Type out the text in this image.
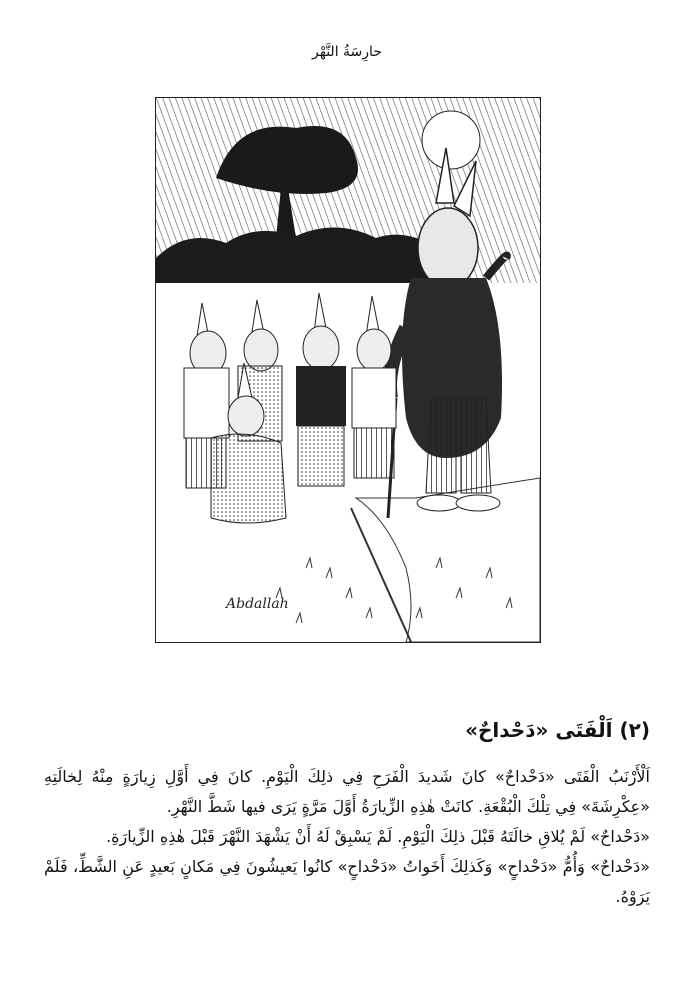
حارِسَةُ النَّهْر
Abdallah
(٢) اَلْفَتَى «دَحْداحٌ»

اَلْأَرْنَبُ الْفَتَى «دَحْداحٌ» كانَ شَديدَ الْفَرَحِ فِي ذلِكَ الْيَوْمِ. كانَ فِي أَوَّلِ زِيارَةٍ مِنْهُ لِخالَتِهِ «عِكْرِشَةَ» فِي تِلْكَ الْبُقْعَةِ. كانَتْ هٰذِهِ الزِّيارَةُ أَوَّلَ مَرَّةٍ يَرَى فيها شَطَّ النَّهْرِ.

«دَحْداحٌ» لَمْ يُلاقِ خالَتَهُ قَبْلَ ذلِكَ الْيَوْمِ. لَمْ يَسْبِقْ لَهُ أَنْ يَشْهَدَ النَّهْرَ قَبْلَ هٰذِهِ الزِّيارَةِ.

«دَحْداحٌ» وَأُمُّ «دَحْداحٍ» وَكَذلِكَ أَخَواتُ «دَحْداحٍ» كانُوا يَعيشُونَ فِي مَكانٍ بَعيدٍ عَنِ الشَّطِّ، فَلَمْ يَرَوْهُ.
